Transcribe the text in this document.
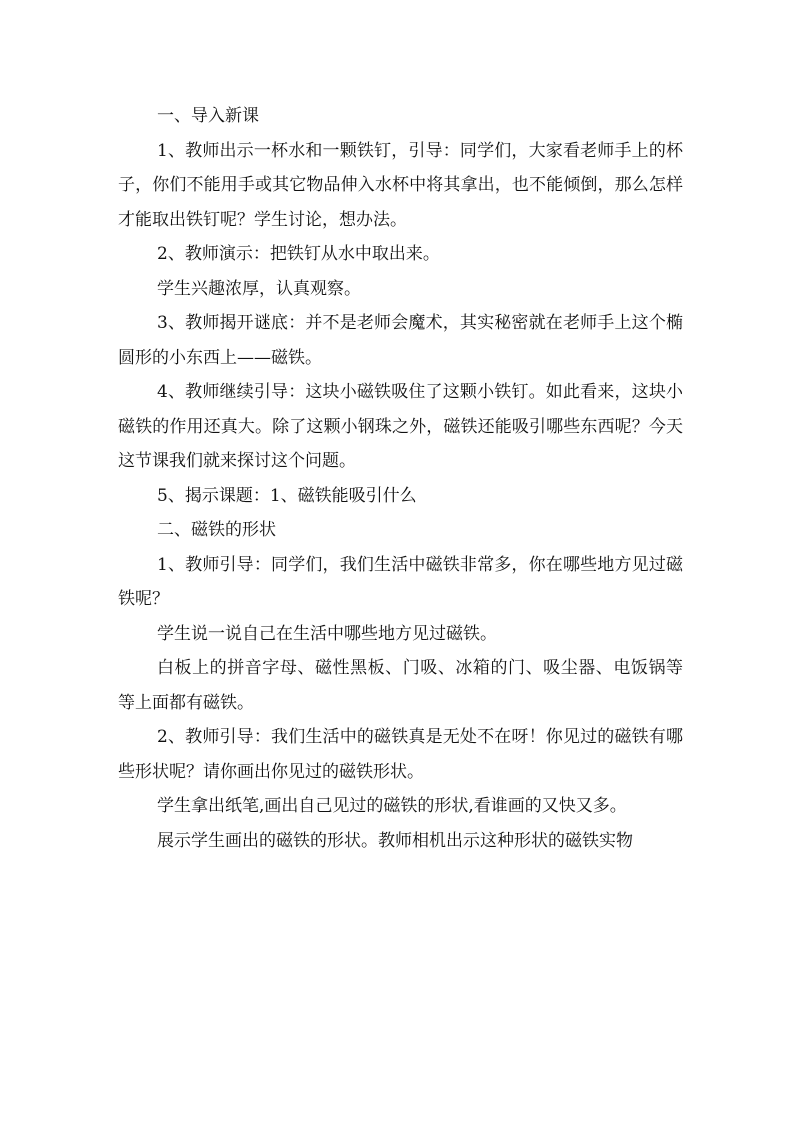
一、导入新课

1、教师出示一杯水和一颗铁钉，引导：同学们，大家看老师手上的杯子，你们不能用手或其它物品伸入水杯中将其拿出，也不能倾倒，那么怎样才能取出铁钉呢？学生讨论，想办法。

2、教师演示：把铁钉从水中取出来。

学生兴趣浓厚，认真观察。

3、教师揭开谜底：并不是老师会魔术，其实秘密就在老师手上这个椭圆形的小东西上——磁铁。

4、教师继续引导：这块小磁铁吸住了这颗小铁钉。如此看来，这块小磁铁的作用还真大。除了这颗小钢珠之外，磁铁还能吸引哪些东西呢？今天这节课我们就来探讨这个问题。

5、揭示课题：1、磁铁能吸引什么

二、磁铁的形状

1、教师引导：同学们，我们生活中磁铁非常多，你在哪些地方见过磁铁呢？

学生说一说自己在生活中哪些地方见过磁铁。

白板上的拼音字母、磁性黑板、门吸、冰箱的门、吸尘器、电饭锅等等上面都有磁铁。

2、教师引导：我们生活中的磁铁真是无处不在呀！你见过的磁铁有哪些形状呢？请你画出你见过的磁铁形状。

学生拿出纸笔,画出自己见过的磁铁的形状,看谁画的又快又多。

展示学生画出的磁铁的形状。教师相机出示这种形状的磁铁实物
